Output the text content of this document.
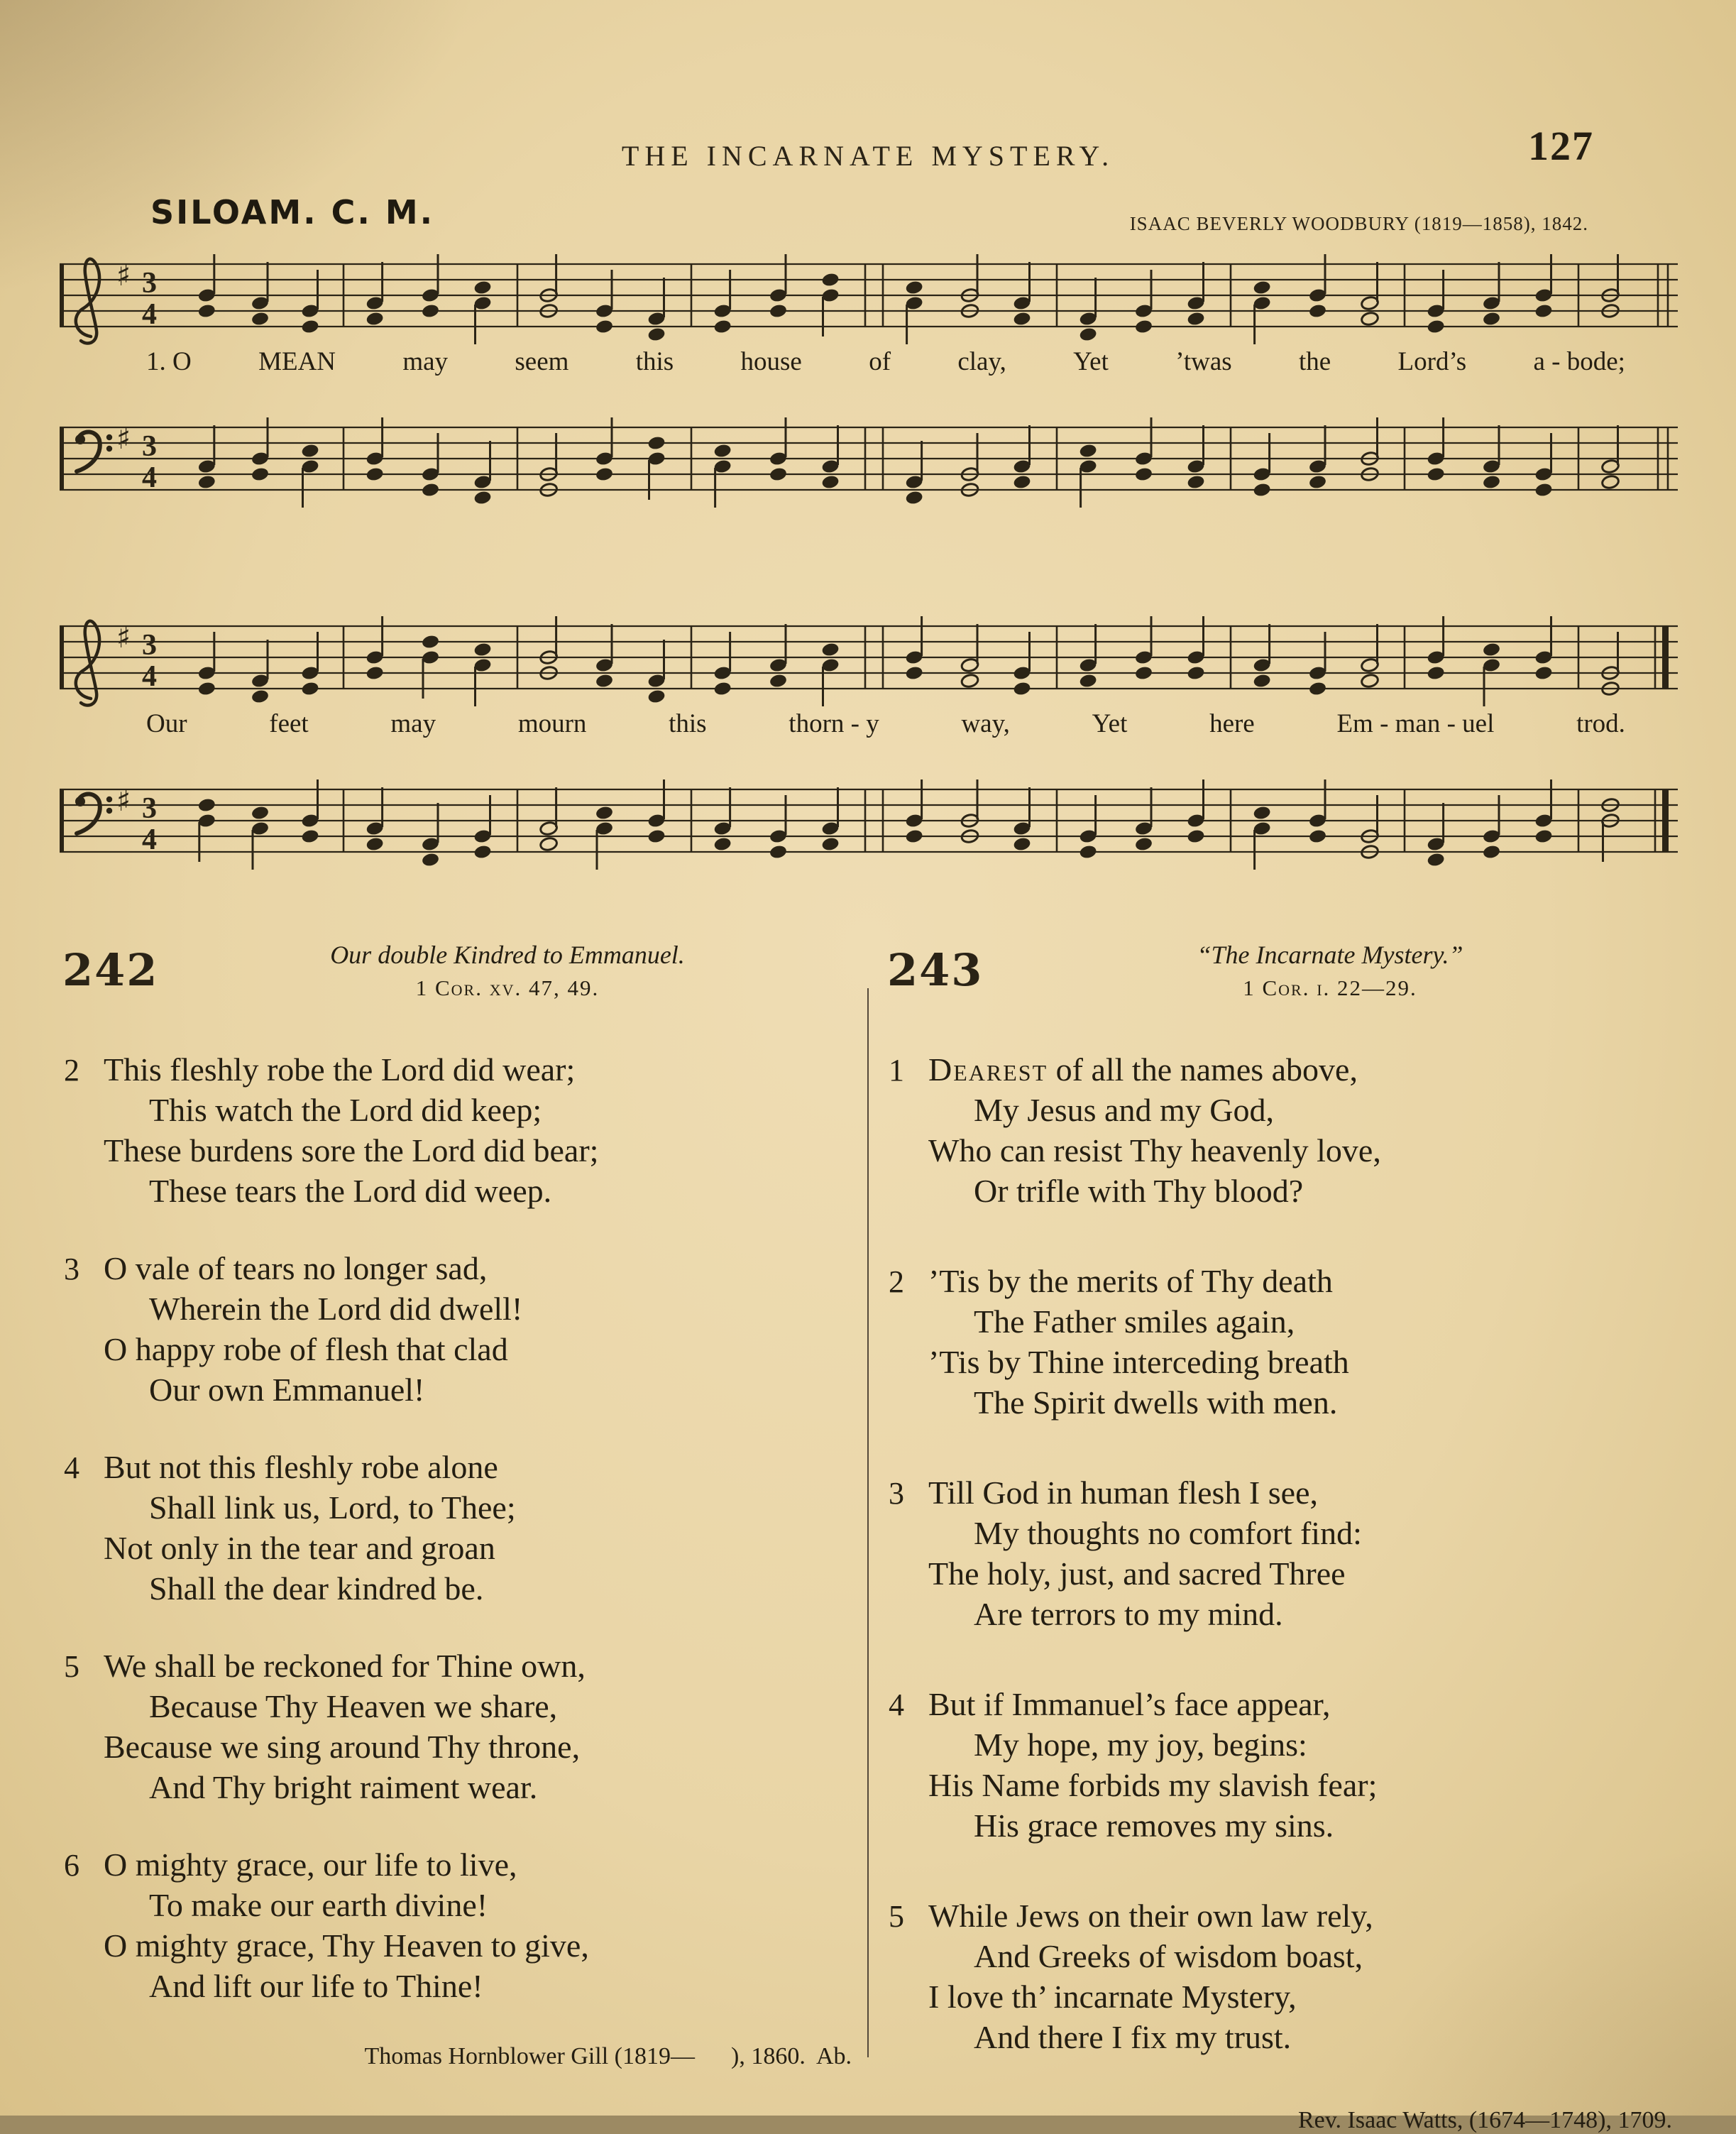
THE INCARNATE MYSTERY.	127
SILOAM. C. M.	ISAAC BEVERLY WOODBURY (1819—1858), 1842.
♯ 3
4
1. O	MEAN	may	seem	this	house	of	clay,	Yet	’twas	the	Lord’s	a - bode;
♯ 3
4
♯ 3
4
Our	feet	may	mourn	this	thorn - y	way,	Yet	here	Em - man - uel	trod.
♯ 3
4
242	Our double Kindred to Emmanuel.
1 Cor. xv. 47, 49.
2 This fleshly robe the Lord did wear;
This watch the Lord did keep;
These burdens sore the Lord did bear;
These tears the Lord did weep.
3 O vale of tears no longer sad,
Wherein the Lord did dwell!
O happy robe of flesh that clad
Our own Emmanuel!
4 But not this fleshly robe alone
Shall link us, Lord, to Thee;
Not only in the tear and groan
Shall the dear kindred be.
5 We shall be reckoned for Thine own,
Because Thy Heaven we share,
Because we sing around Thy throne,
And Thy bright raiment wear.
6 O mighty grace, our life to live,
To make our earth divine!
O mighty grace, Thy Heaven to give,
And lift our life to Thine!
Thomas Hornblower Gill (1819—      ), 1860.  Ab.
243	“The Incarnate Mystery.”
1 Cor. i. 22—29.
1 Dearest of all the names above,
My Jesus and my God,
Who can resist Thy heavenly love,
Or trifle with Thy blood?
2 ’Tis by the merits of Thy death
The Father smiles again,
’Tis by Thine interceding breath
The Spirit dwells with men.
3 Till God in human flesh I see,
My thoughts no comfort find:
The holy, just, and sacred Three
Are terrors to my mind.
4 But if Immanuel’s face appear,
My hope, my joy, begins:
His Name forbids my slavish fear;
His grace removes my sins.
5 While Jews on their own law rely,
And Greeks of wisdom boast,
I love th’ incarnate Mystery,
And there I fix my trust.
Rev. Isaac Watts, (1674—1748), 1709.
